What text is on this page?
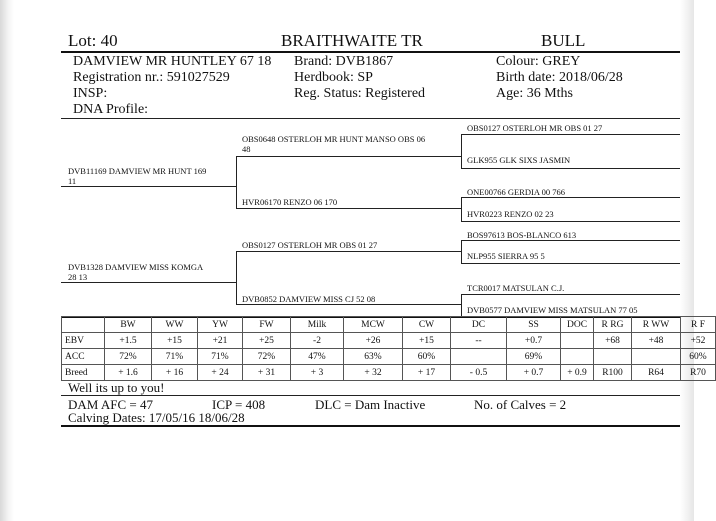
Lot: 40	BRAITHWAITE TR	BULL
DAMVIEW MR HUNTLEY 67 18
Registration nr.: 591027529
INSP:
DNA Profile:
Brand: DVB1867
Herdbook: SP
Reg. Status: Registered
Colour: GREY
Birth date: 2018/06/28
Age: 36 Mths
DVB11169 DAMVIEW MR HUNT 169
11
DVB1328 DAMVIEW MISS KOMGA
28 13
OBS0648 OSTERLOH MR HUNT MANSO OBS 06
48
HVR06170 RENZO 06 170
OBS0127 OSTERLOH MR OBS 01 27
DVB0852 DAMVIEW MISS CJ 52 08
OBS0127 OSTERLOH MR OBS 01 27
GLK955 GLK SIXS JASMIN
ONE00766 GERDIA 00 766
HVR0223 RENZO 02 23
BOS97613 BOS-BLANCO 613
NLP955 SIERRA 95 5
TCR0017 MATSULAN C.J.
DVB0577 DAMVIEW MISS MATSULAN 77 05
	BW	WW	YW	FW	Milk	MCW	CW	DC	SS	DOC	R RG	R WW	R F
EBV	+1.5	+15	+21	+25	-2	+26	+15	--	+0.7		+68	+48	+52
ACC	72%	71%	71%	72%	47%	63%	60%		69%				60%
Breed	+ 1.6	+ 16	+ 24	+ 31	+ 3	+ 32	+ 17	- 0.5	+ 0.7	+ 0.9	R100	R64	R70
Well its up to you!
DAM AFC = 47	ICP = 408	DLC = Dam Inactive	No. of Calves = 2
Calving Dates: 17/05/16 18/06/28
